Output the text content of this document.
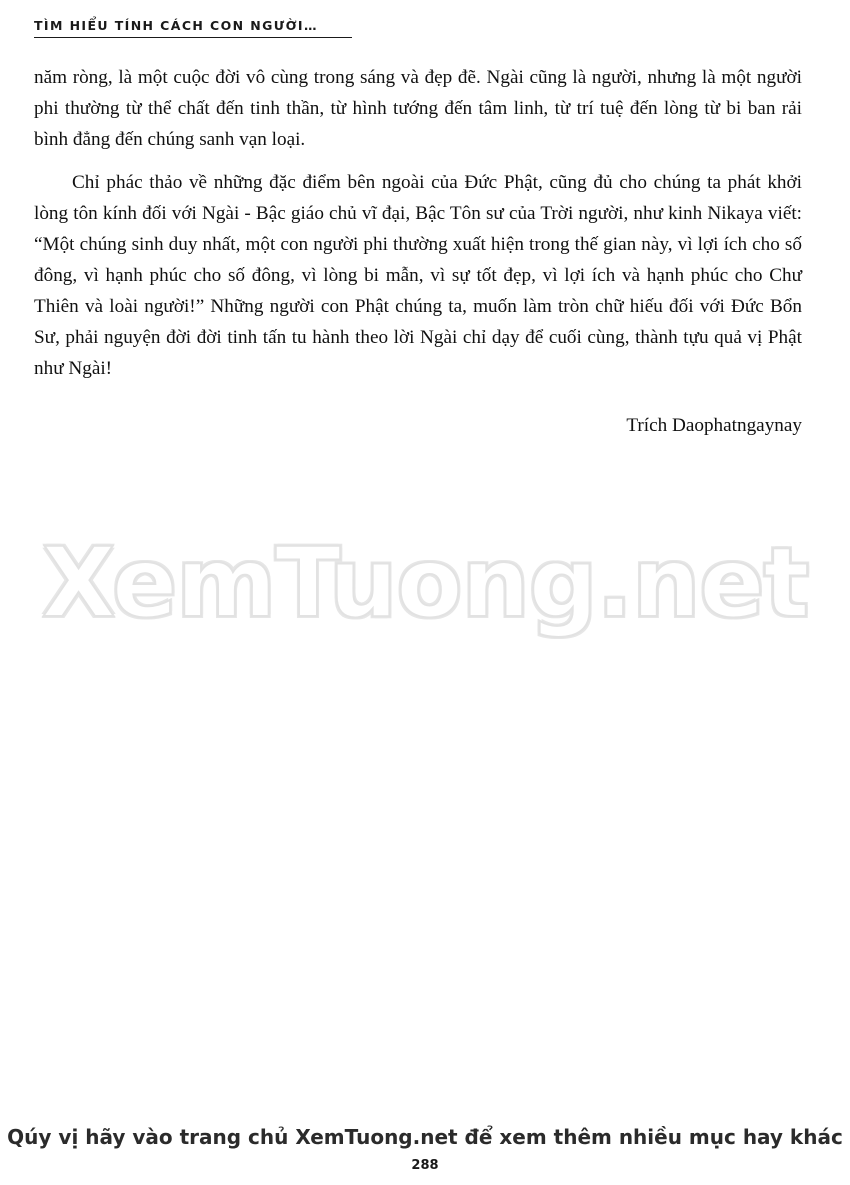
TÌM HIỂU TÍNH CÁCH CON NGƯỜI…

năm ròng, là một cuộc đời vô cùng trong sáng và đẹp đẽ. Ngài cũng là người, nhưng là một người phi thường từ thể chất đến tinh thần, từ hình tướng đến tâm linh, từ trí tuệ đến lòng từ bi ban rải bình đẳng đến chúng sanh vạn loại.

Chỉ phác thảo về những đặc điểm bên ngoài của Đức Phật, cũng đủ cho chúng ta phát khởi lòng tôn kính đối với Ngài - Bậc giáo chủ vĩ đại, Bậc Tôn sư của Trời người, như kinh Nikaya viết: “Một chúng sinh duy nhất, một con người phi thường xuất hiện trong thế gian này, vì lợi ích cho số đông, vì hạnh phúc cho số đông, vì lòng bi mẫn, vì sự tốt đẹp, vì lợi ích và hạnh phúc cho Chư Thiên và loài người!” Những người con Phật chúng ta, muốn làm tròn chữ hiếu đối với Đức Bổn Sư, phải nguyện đời đời tinh tấn tu hành theo lời Ngài chỉ dạy để cuối cùng, thành tựu quả vị Phật như Ngài!

Trích Daophatngaynay
XemTuong.net
Qúy vị hãy vào trang chủ XemTuong.net để xem thêm nhiều mục hay khác
288
